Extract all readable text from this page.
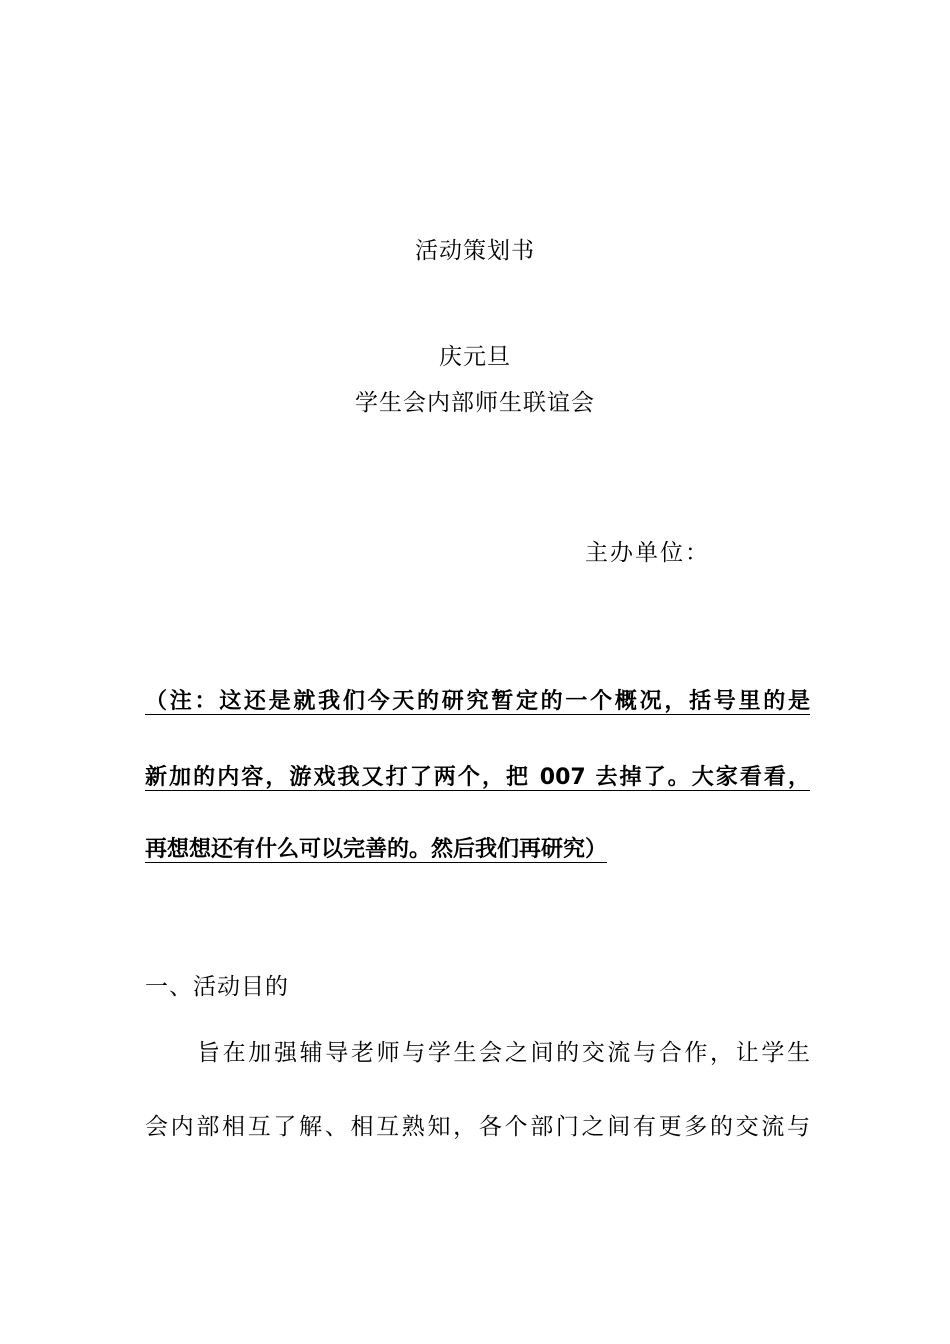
活动策划书
庆元旦
学生会内部师生联谊会
主办单位：
（注：这还是就我们今天的研究暂定的一个概况，括号里的是
新加的内容，游戏我又打了两个，把 007 去掉了。大家看看，
再想想还有什么可以完善的。然后我们再研究）
一、活动目的
旨在加强辅导老师与学生会之间的交流与合作，让学生
会内部相互了解、相互熟知，各个部门之间有更多的交流与
